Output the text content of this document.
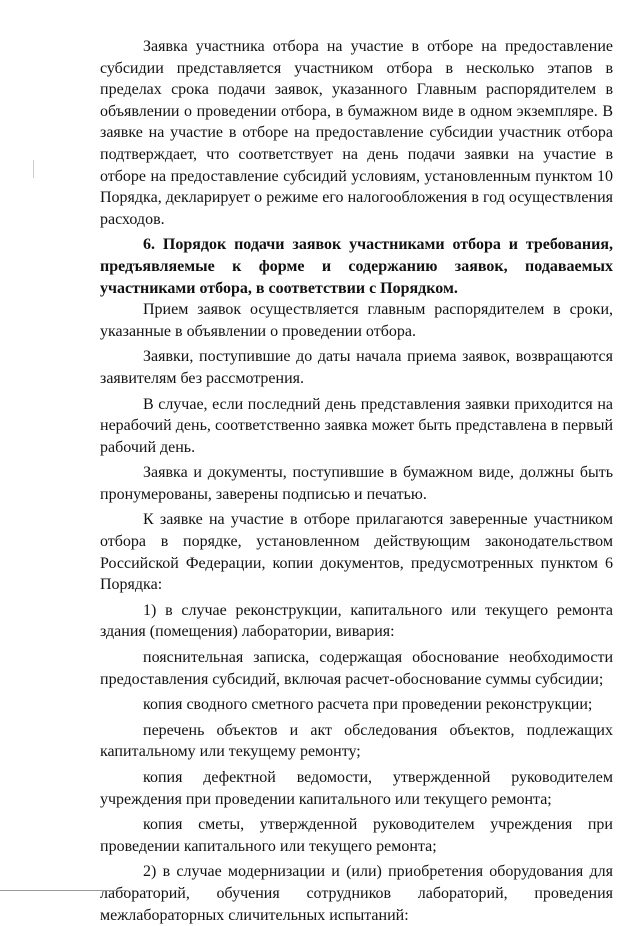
Заявка участника отбора на участие в отборе на предоставление субсидии представляется участником отбора в несколько этапов в пределах срока подачи заявок, указанного Главным распорядителем в объявлении о проведении отбора, в бумажном виде в одном экземпляре. В заявке на участие в отборе на предоставление субсидии участник отбора подтверждает, что соответствует на день подачи заявки на участие в отборе на предоставление субсидий условиям, установленным пунктом 10 Порядка, декларирует о режиме его налогообложения в год осуществления расходов.

6. Порядок подачи заявок участниками отбора и требования, предъявляемые к форме и содержанию заявок, подаваемых участниками отбора, в соответствии с Порядком.

Прием заявок осуществляется главным распорядителем в сроки, указанные в объявлении о проведении отбора.

Заявки, поступившие до даты начала приема заявок, возвращаются заявителям без рассмотрения.

В случае, если последний день представления заявки приходится на нерабочий день, соответственно заявка может быть представлена в первый рабочий день.

Заявка и документы, поступившие в бумажном виде, должны быть пронумерованы, заверены подписью и печатью.

К заявке на участие в отборе прилагаются заверенные участником отбора в порядке, установленном действующим законодательством Российской Федерации, копии документов, предусмотренных пунктом 6 Порядка:

1) в случае реконструкции, капитального или текущего ремонта здания (помещения) лаборатории, вивария:

пояснительная записка, содержащая обоснование необходимости предоставления субсидий, включая расчет-обоснование суммы субсидии;

копия сводного сметного расчета при проведении реконструкции;

перечень объектов и акт обследования объектов, подлежащих капитальному или текущему ремонту;

копия дефектной ведомости, утвержденной руководителем учреждения при проведении капитального или текущего ремонта;

копия сметы, утвержденной руководителем учреждения при проведении капитального или текущего ремонта;

2) в случае модернизации и (или) приобретения оборудования для лабораторий, обучения сотрудников лабораторий, проведения межлабораторных сличительных испытаний:
